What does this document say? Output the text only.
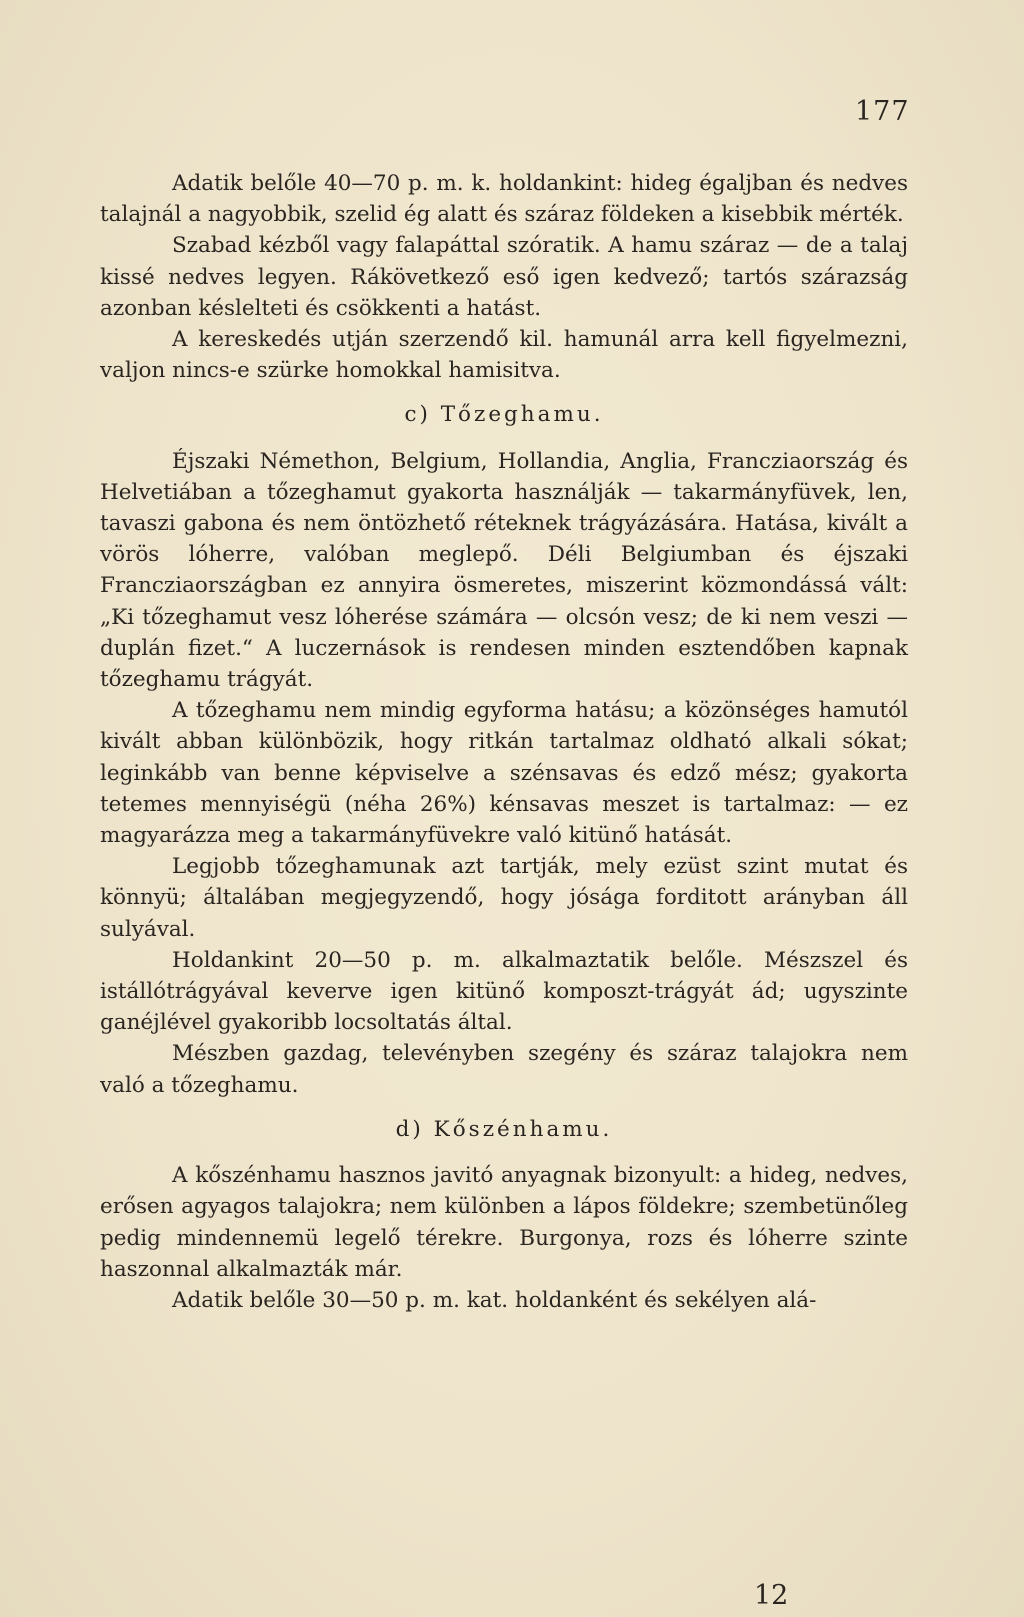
177

Adatik belőle 40—70 p. m. k. holdankint: hideg égaljban és nedves talajnál a nagyobbik, szelid ég alatt és száraz földeken a kisebbik mérték.

Szabad kézből vagy falapáttal szóratik. A hamu száraz — de a talaj kissé nedves legyen. Rákövetkező eső igen kedvező; tartós szárazság azonban késlelteti és csökkenti a hatást.

A kereskedés utján szerzendő kil. hamunál arra kell figyelmezni, valjon nincs-e szürke homokkal hamisitva.

c) Tőzeghamu.

Éjszaki Némethon, Belgium, Hollandia, Anglia, Francziaország és Helvetiában a tőzeghamut gyakorta használják — takarmányfüvek, len, tavaszi gabona és nem öntözhető réteknek trágyázására. Hatása, kivált a vörös lóherre, valóban meglepő. Déli Belgiumban és éjszaki Francziaországban ez annyira ösmeretes, miszerint közmondássá vált: „Ki tőzeghamut vesz lóherése számára — olcsón vesz; de ki nem veszi — duplán fizet.“ A luczernások is rendesen minden esztendőben kapnak tőzeghamu trágyát.

A tőzeghamu nem mindig egyforma hatásu; a közönséges hamutól kivált abban különbözik, hogy ritkán tartalmaz oldható alkali sókat; leginkább van benne képviselve a szénsavas és edző mész; gyakorta tetemes mennyiségü (néha 26%) kénsavas meszet is tartalmaz: — ez magyarázza meg a takarmányfüvekre való kitünő hatását.

Legjobb tőzeghamunak azt tartják, mely ezüst szint mutat és könnyü; általában megjegyzendő, hogy jósága forditott arányban áll sulyával.

Holdankint 20—50 p. m. alkalmaztatik belőle. Mészszel és istállótrágyával keverve igen kitünő komposzt-trágyát ád; ugyszinte ganéjlével gyakoribb locsoltatás által.

Mészben gazdag, televényben szegény és száraz talajokra nem való a tőzeghamu.

d) Kőszénhamu.

A kőszénhamu hasznos javitó anyagnak bizonyult: a hideg, nedves, erősen agyagos talajokra; nem különben a lápos földekre; szembetünőleg pedig mindennemü legelő térekre. Burgonya, rozs és lóherre szinte haszonnal alkalmazták már.

Adatik belőle 30—50 p. m. kat. holdanként és sekélyen alá-

12
